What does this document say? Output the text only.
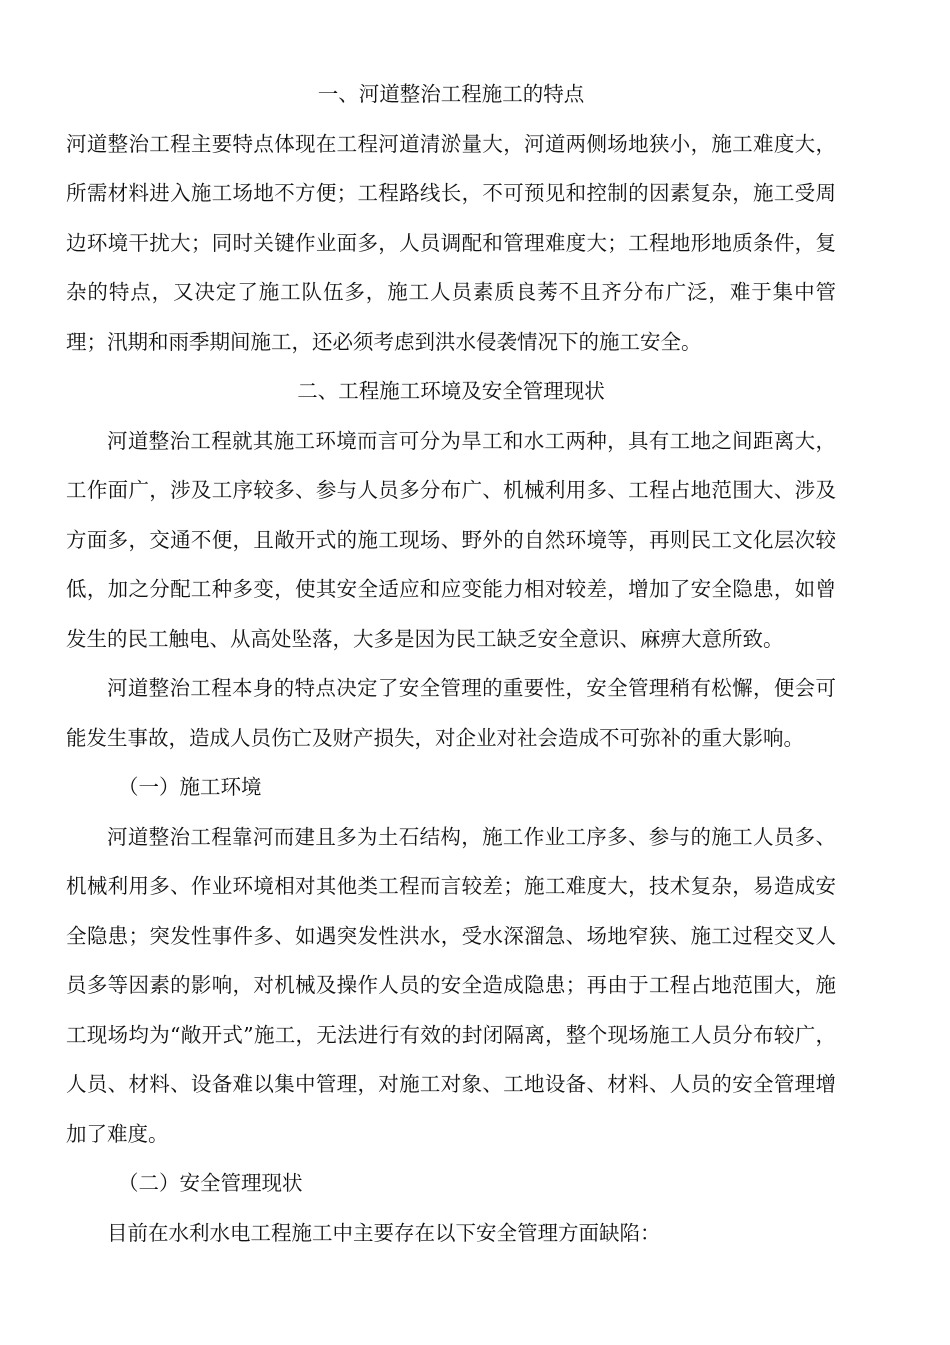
一、河道整治工程施工的特点

河道整治工程主要特点体现在工程河道清淤量大，河道两侧场地狭小，施工难度大，所需材料进入施工场地不方便；工程路线长，不可预见和控制的因素复杂，施工受周边环境干扰大；同时关键作业面多，人员调配和管理难度大；工程地形地质条件，复杂的特点，又决定了施工队伍多，施工人员素质良莠不且齐分布广泛，难于集中管理；汛期和雨季期间施工，还必须考虑到洪水侵袭情况下的施工安全。

二、工程施工环境及安全管理现状

河道整治工程就其施工环境而言可分为旱工和水工两种，具有工地之间距离大，工作面广，涉及工序较多、参与人员多分布广、机械利用多、工程占地范围大、涉及方面多，交通不便，且敞开式的施工现场、野外的自然环境等，再则民工文化层次较低，加之分配工种多变，使其安全适应和应变能力相对较差，增加了安全隐患，如曾发生的民工触电、从高处坠落，大多是因为民工缺乏安全意识、麻痹大意所致。

河道整治工程本身的特点决定了安全管理的重要性，安全管理稍有松懈，便会可能发生事故，造成人员伤亡及财产损失，对企业对社会造成不可弥补的重大影响。

（一）施工环境

河道整治工程靠河而建且多为土石结构，施工作业工序多、参与的施工人员多、机械利用多、作业环境相对其他类工程而言较差；施工难度大，技术复杂，易造成安全隐患；突发性事件多、如遇突发性洪水，受水深溜急、场地窄狭、施工过程交叉人员多等因素的影响，对机械及操作人员的安全造成隐患；再由于工程占地范围大，施工现场均为“敞开式”施工，无法进行有效的封闭隔离，整个现场施工人员分布较广，人员、材料、设备难以集中管理，对施工对象、工地设备、材料、人员的安全管理增加了难度。

（二）安全管理现状

目前在水利水电工程施工中主要存在以下安全管理方面缺陷：
